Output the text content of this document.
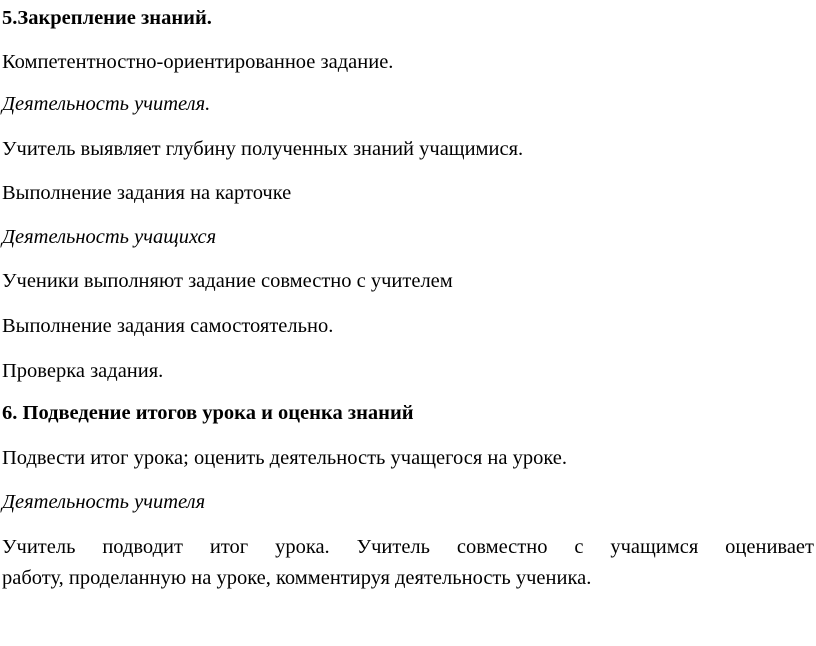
5.Закрепление знаний.
Компетентностно-ориентированное задание.
Деятельность учителя.
Учитель выявляет глубину полученных знаний учащимися.
Выполнение задания на карточке
Деятельность учащихся
Ученики выполняют задание совместно с учителем
Выполнение задания самостоятельно.
Проверка задания.
6. Подведение итогов урока и оценка знаний
Подвести итог урока; оценить деятельность учащегося на уроке.
Деятельность учителя
Учитель подводит итог урока. Учитель совместно с учащимся оценивает
работу, проделанную на уроке, комментируя деятельность ученика.
